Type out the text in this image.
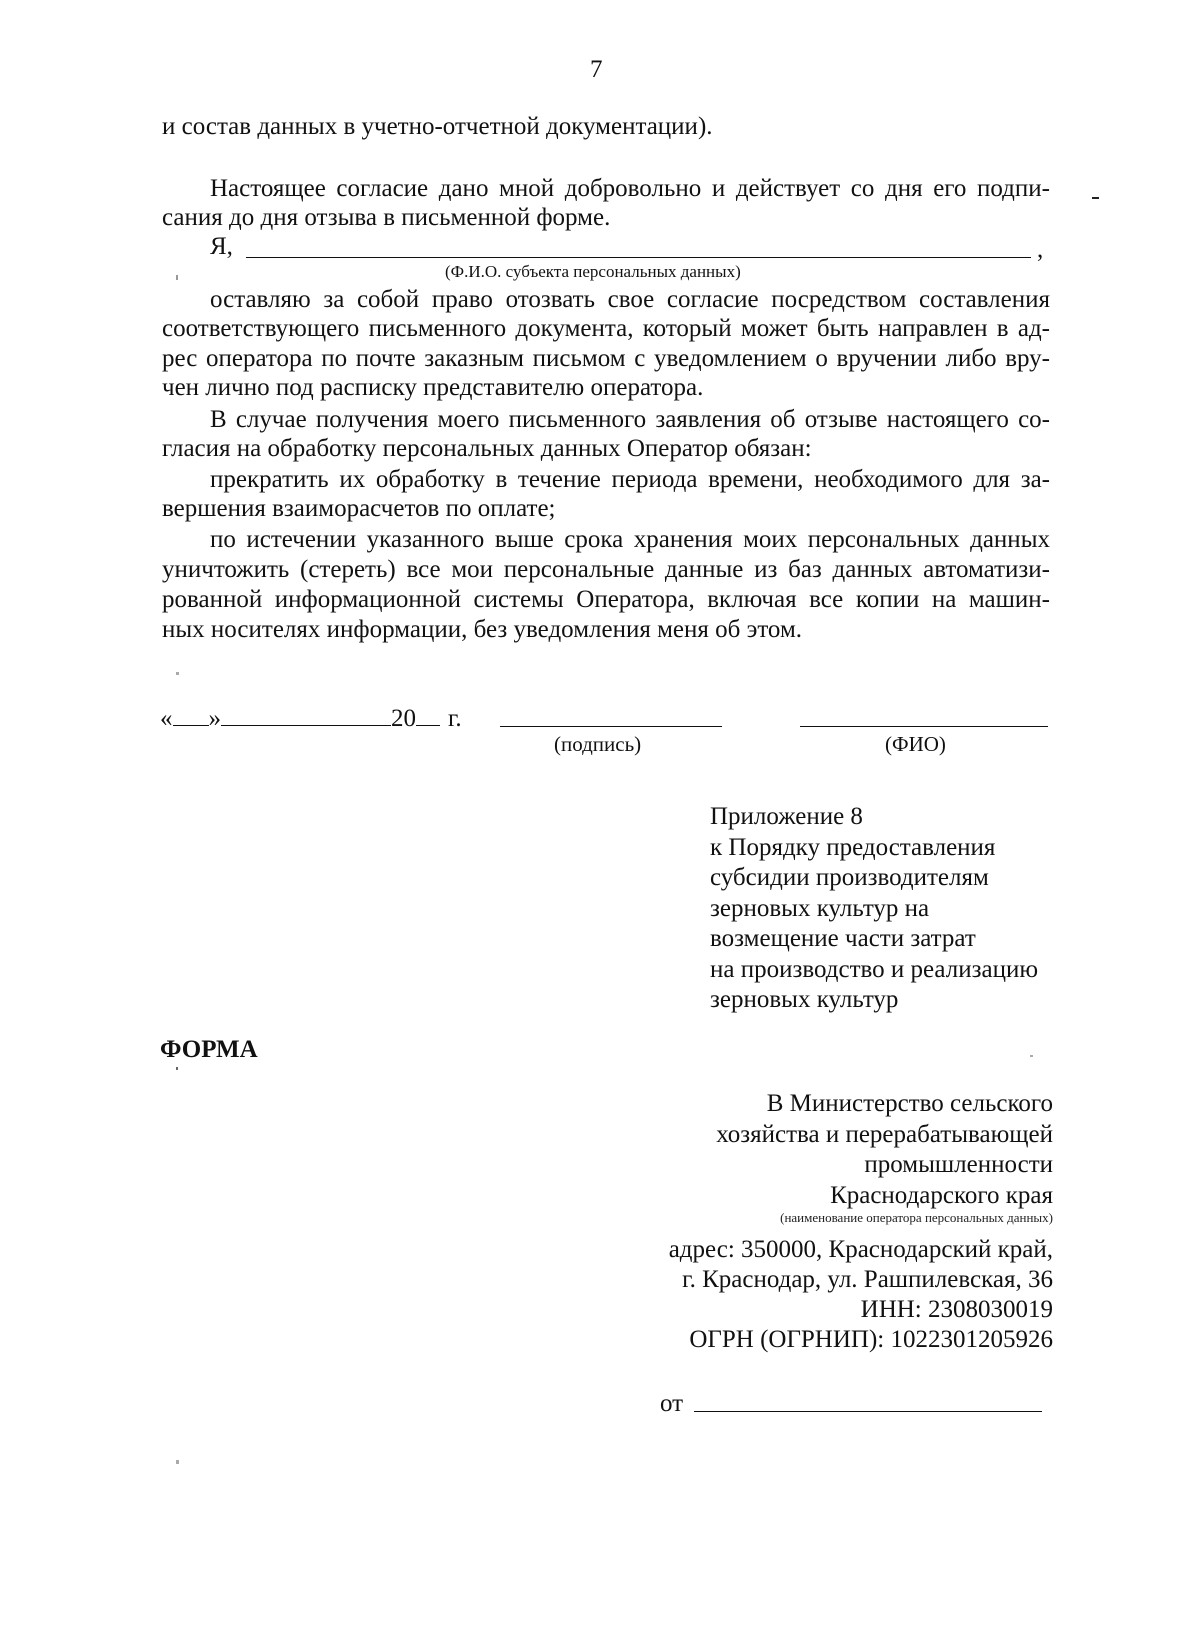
7
и состав данных в учетно-отчетной документации).
Настоящее согласие дано мной добровольно и действует со дня его подпи-
сания до дня отзыва в письменной форме.
Я,	,
(Ф.И.О. субъекта персональных данных)
оставляю за собой право отозвать свое согласие посредством составления
соответствующего письменного документа, который может быть направлен в ад-
рес оператора по почте заказным письмом с уведомлением о вручении либо вру-
чен лично под расписку представителю оператора.
В случае получения моего письменного заявления об отзыве настоящего со-
гласия на обработку персональных данных Оператор обязан:
прекратить их обработку в течение периода времени, необходимого для за-
вершения взаиморасчетов по оплате;
по истечении указанного выше срока хранения моих персональных данных
уничтожить (стереть) все мои персональные данные из баз данных автоматизи-
рованной информационной системы Оператора, включая все копии на машин-
ных носителях информации, без уведомления меня об этом.
« »	20 г.
(подпись)	(ФИО)
Приложение 8
к Порядку предоставления
субсидии производителям
зерновых культур на
возмещение части затрат
на производство и реализацию
зерновых культур
ФОРМА
В Министерство сельского
хозяйства и перерабатывающей
промышленности
Краснодарского края
(наименование оператора персональных данных)
адрес: 350000, Краснодарский край,
г. Краснодар, ул. Рашпилевская, 36
ИНН: 2308030019
ОГРН (ОГРНИП): 1022301205926
от
